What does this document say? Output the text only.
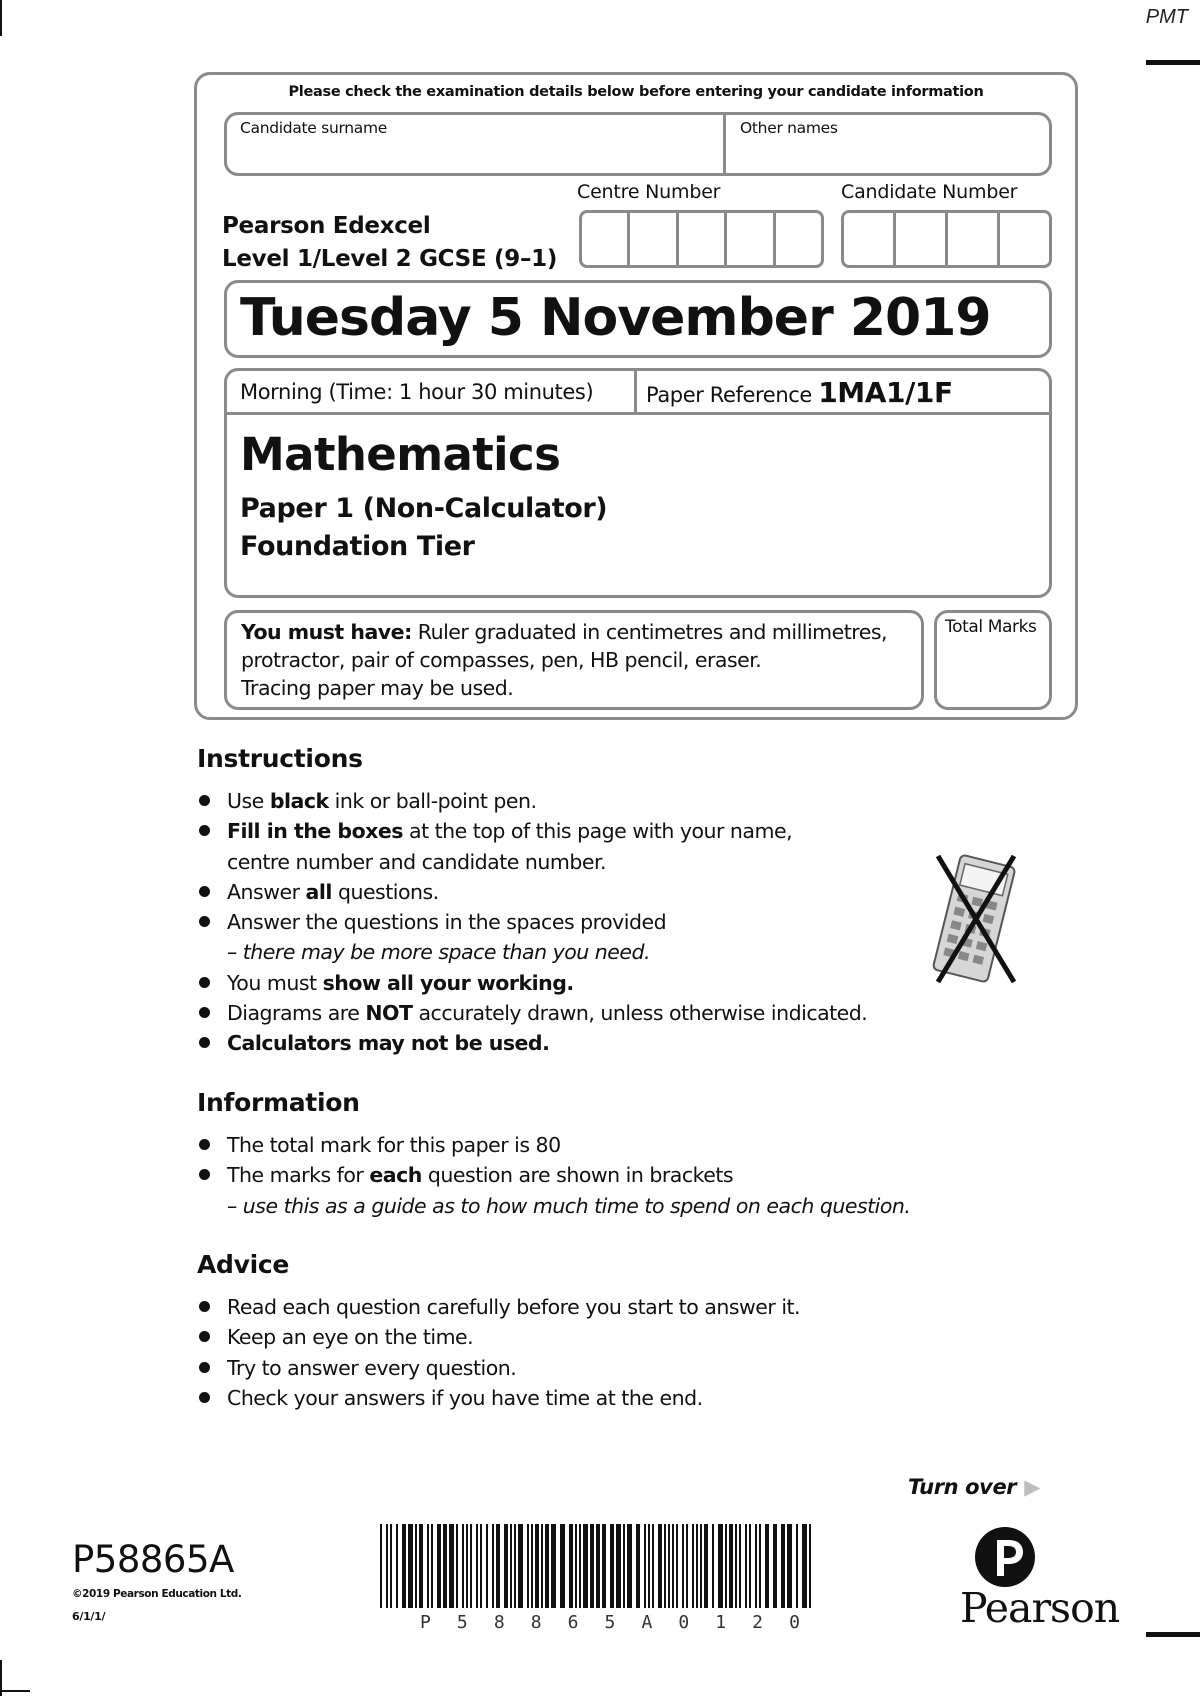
PMT
Please check the examination details below before entering your candidate information
Candidate surname	Other names
Centre Number	Candidate Number
Pearson Edexcel
Level 1/Level 2 GCSE (9–1)
Tuesday 5 November 2019
Morning (Time: 1 hour 30 minutes)	Paper Reference 1MA1/1F
Mathematics
Paper 1 (Non-Calculator)
Foundation Tier
You must have: Ruler graduated in centimetres and millimetres, protractor, pair of compasses, pen, HB pencil, eraser.
Tracing paper may be used.
Total Marks
Instructions
Use black ink or ball-point pen.
Fill in the boxes at the top of this page with your name,
centre number and candidate number.
Answer all questions.
Answer the questions in the spaces provided
– there may be more space than you need.
You must show all your working.
Diagrams are NOT accurately drawn, unless otherwise indicated.
Calculators may not be used.
Information
The total mark for this paper is 80
The marks for each question are shown in brackets
– use this as a guide as to how much time to spend on each question.
Advice
Read each question carefully before you start to answer it.
Keep an eye on the time.
Try to answer every question.
Check your answers if you have time at the end.
Turn over ▶
P58865A
©2019 Pearson Education Ltd.
6/1/1/	P 5 8 8 6 5 A 0 1 2 0	Pearson
